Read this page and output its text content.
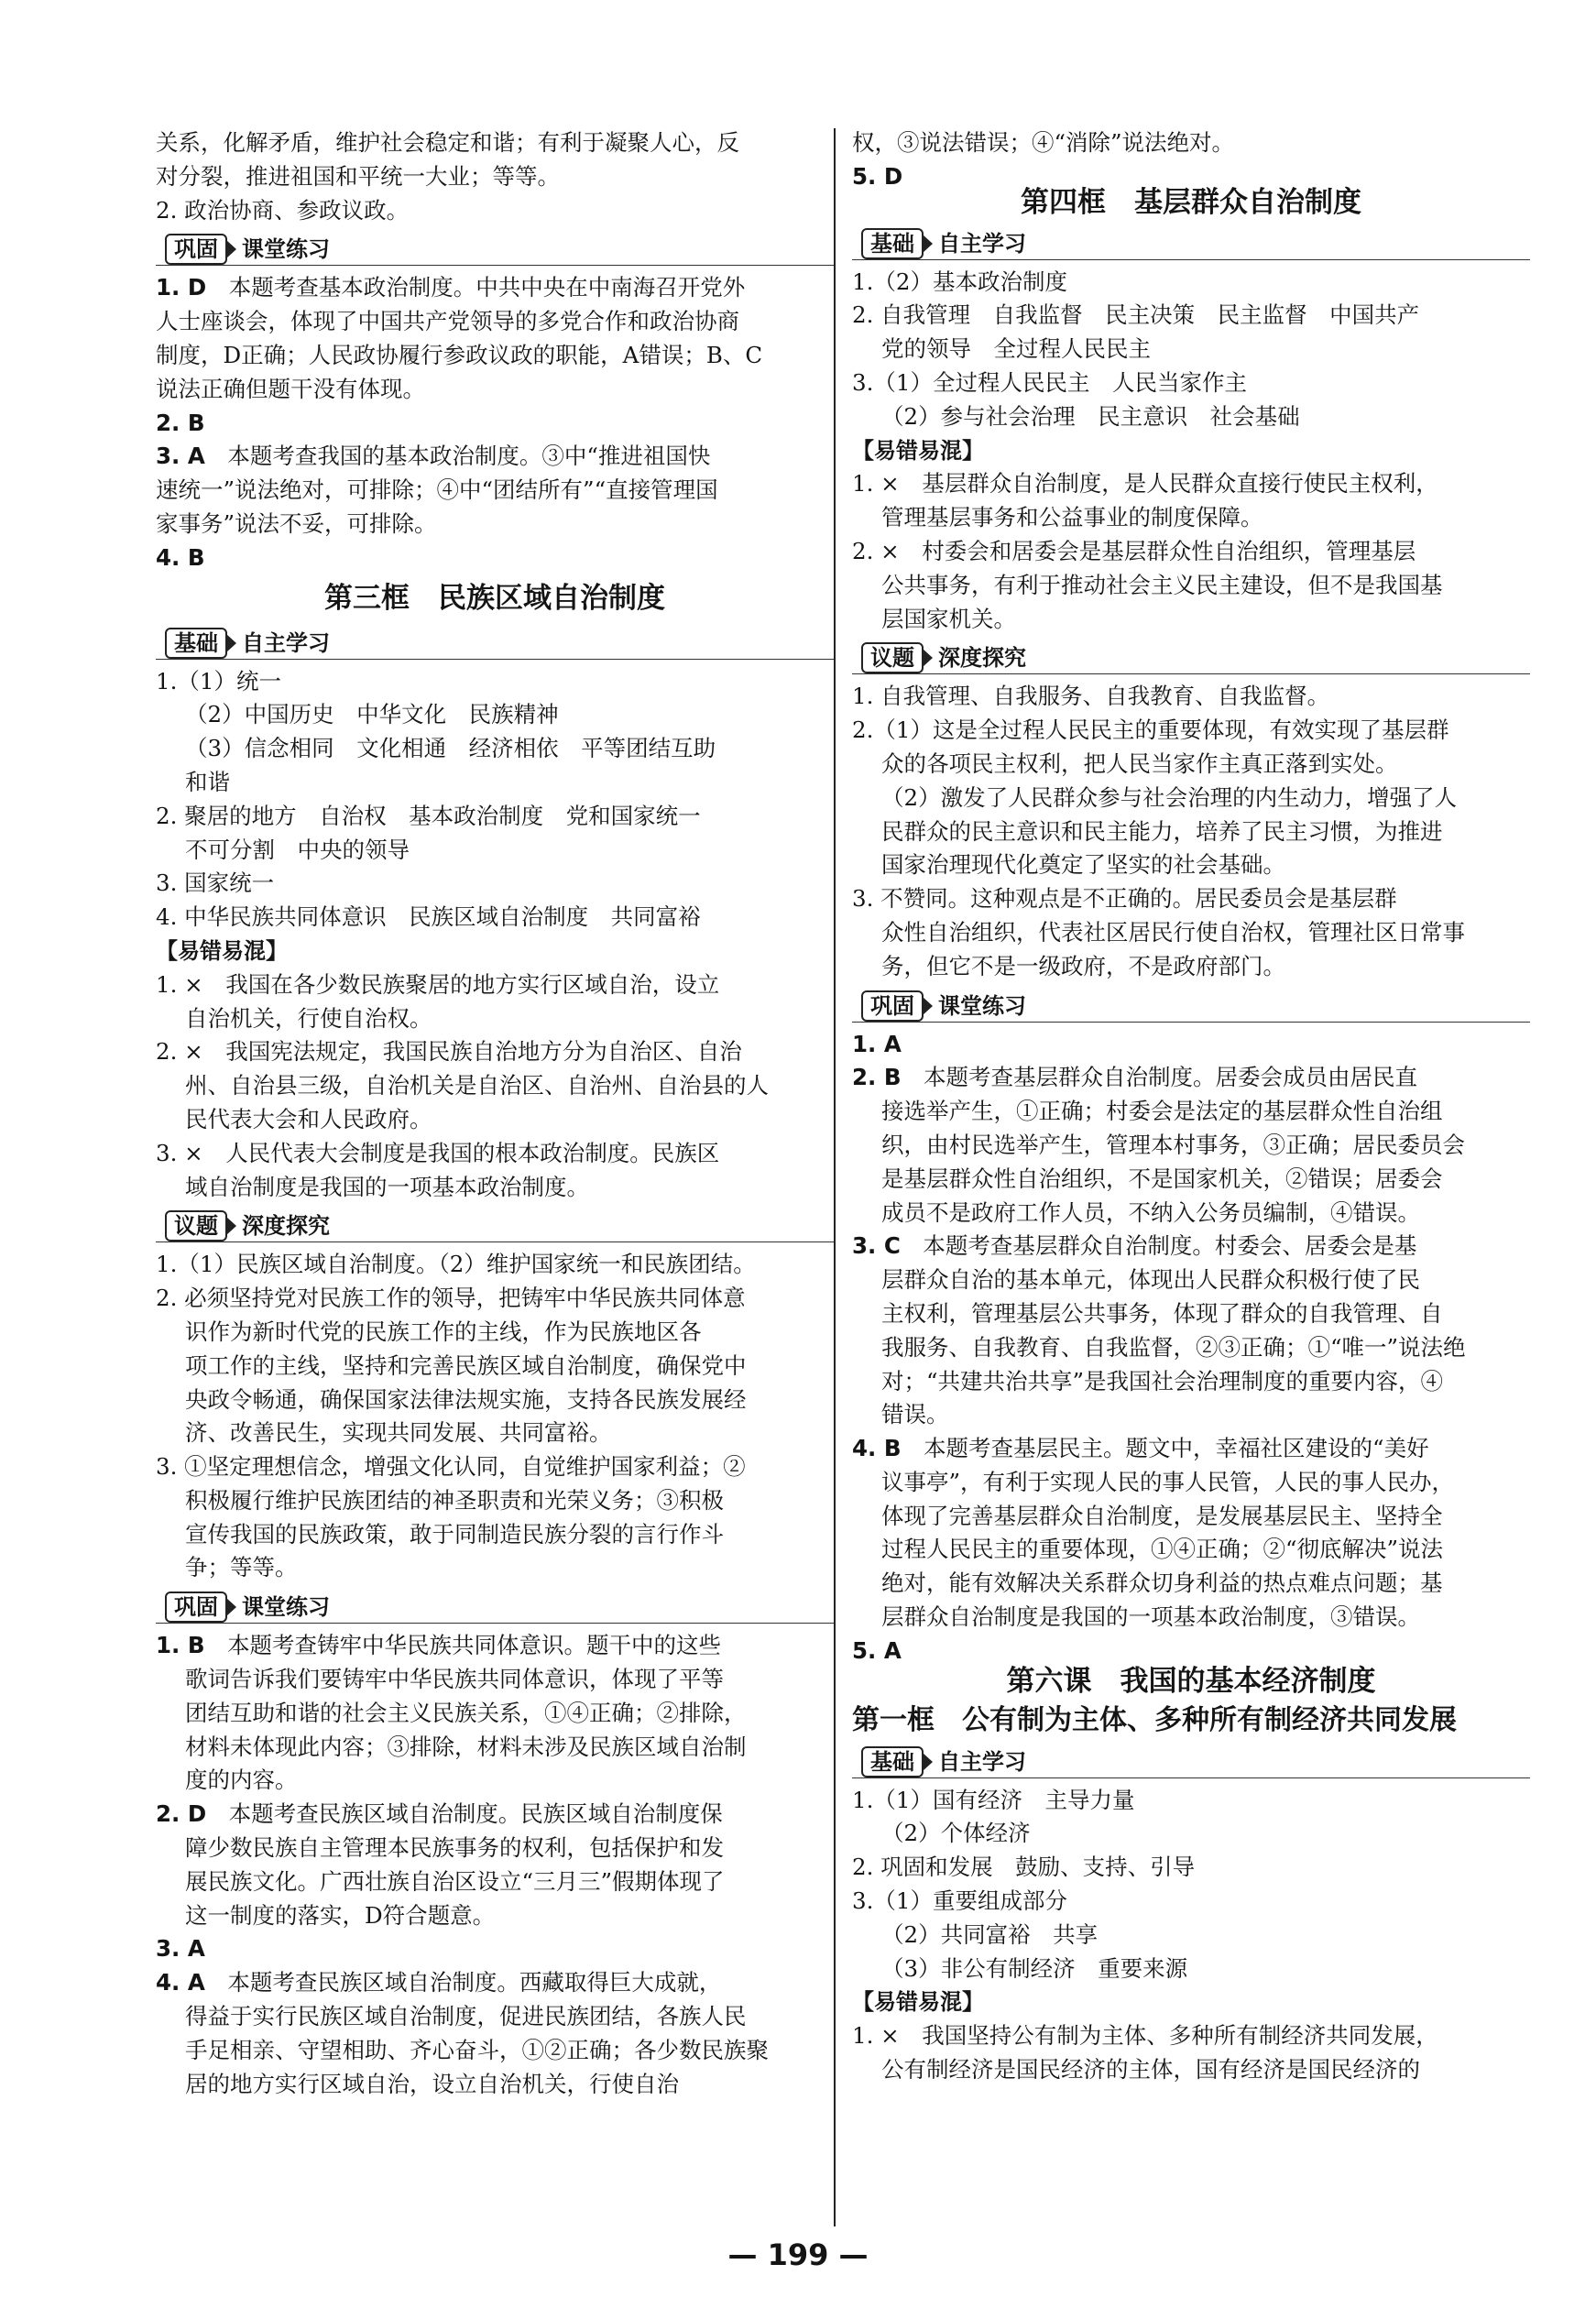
关系，化解矛盾，维护社会稳定和谐；有利于凝聚人心，反
对分裂，推进祖国和平统一大业；等等。
2. 政治协商、参政议政。
巩固	课堂练习
1. D　 本题考查基本政治制度。中共中央在中南海召开党外
人士座谈会，体现了中国共产党领导的多党合作和政治协商
制度，D正确；人民政协履行参政议政的职能，A错误；B、C
说法正确但题干没有体现。
2. B
3. A　 本题考查我国的基本政治制度。③中“推进祖国快
速统一”说法绝对，可排除；④中“团结所有”“直接管理国
家事务”说法不妥，可排除。
4. B
第三框　民族区域自治制度
基础	自主学习
1.（1）统一
（2）中国历史　中华文化　民族精神
（3）信念相同　文化相通　经济相依　平等团结互助
和谐
2. 聚居的地方　自治权　基本政治制度　党和国家统一
不可分割　中央的领导
3. 国家统一
4. 中华民族共同体意识　民族区域自治制度　共同富裕
【易错易混】
1. ×　我国在各少数民族聚居的地方实行区域自治，设立
自治机关，行使自治权。
2. ×　我国宪法规定，我国民族自治地方分为自治区、自治
州、自治县三级，自治机关是自治区、自治州、自治县的人
民代表大会和人民政府。
3. ×　人民代表大会制度是我国的根本政治制度。民族区
域自治制度是我国的一项基本政治制度。
议题	深度探究
1.（1）民族区域自治制度。（2）维护国家统一和民族团结。
2. 必须坚持党对民族工作的领导，把铸牢中华民族共同体意
识作为新时代党的民族工作的主线，作为民族地区各
项工作的主线，坚持和完善民族区域自治制度，确保党中
央政令畅通，确保国家法律法规实施，支持各民族发展经
济、改善民生，实现共同发展、共同富裕。
3. ①坚定理想信念，增强文化认同，自觉维护国家利益；②
积极履行维护民族团结的神圣职责和光荣义务；③积极
宣传我国的民族政策，敢于同制造民族分裂的言行作斗
争；等等。
巩固	课堂练习
1. B　 本题考查铸牢中华民族共同体意识。题干中的这些
歌词告诉我们要铸牢中华民族共同体意识，体现了平等
团结互助和谐的社会主义民族关系，①④正确；②排除，
材料未体现此内容；③排除，材料未涉及民族区域自治制
度的内容。
2. D　 本题考查民族区域自治制度。民族区域自治制度保
障少数民族自主管理本民族事务的权利，包括保护和发
展民族文化。广西壮族自治区设立“三月三”假期体现了
这一制度的落实，D符合题意。
3. A
4. A　 本题考查民族区域自治制度。西藏取得巨大成就，
得益于实行民族区域自治制度，促进民族团结，各族人民
手足相亲、守望相助、齐心奋斗，①②正确；各少数民族聚
居的地方实行区域自治，设立自治机关，行使自治
权，③说法错误；④“消除”说法绝对。
5. D
第四框　基层群众自治制度
基础	自主学习
1.（2）基本政治制度
2. 自我管理　自我监督　民主决策　民主监督　中国共产
党的领导　全过程人民民主
3.（1）全过程人民民主　人民当家作主
（2）参与社会治理　民主意识　社会基础
【易错易混】
1. ×　基层群众自治制度，是人民群众直接行使民主权利，
管理基层事务和公益事业的制度保障。
2. ×　村委会和居委会是基层群众性自治组织，管理基层
公共事务，有利于推动社会主义民主建设，但不是我国基
层国家机关。
议题	深度探究
1. 自我管理、自我服务、自我教育、自我监督。
2.（1）这是全过程人民民主的重要体现，有效实现了基层群
众的各项民主权利，把人民当家作主真正落到实处。
（2）激发了人民群众参与社会治理的内生动力，增强了人
民群众的民主意识和民主能力，培养了民主习惯，为推进
国家治理现代化奠定了坚实的社会基础。
3. 不赞同。这种观点是不正确的。居民委员会是基层群
众性自治组织，代表社区居民行使自治权，管理社区日常事
务，但它不是一级政府，不是政府部门。
巩固	课堂练习
1. A
2. B　 本题考查基层群众自治制度。居委会成员由居民直
接选举产生，①正确；村委会是法定的基层群众性自治组
织，由村民选举产生，管理本村事务，③正确；居民委员会
是基层群众性自治组织，不是国家机关，②错误；居委会
成员不是政府工作人员，不纳入公务员编制，④错误。
3. C　 本题考查基层群众自治制度。村委会、居委会是基
层群众自治的基本单元，体现出人民群众积极行使了民
主权利，管理基层公共事务，体现了群众的自我管理、自
我服务、自我教育、自我监督，②③正确；①“唯一”说法绝
对；“共建共治共享”是我国社会治理制度的重要内容，④
错误。
4. B　 本题考查基层民主。题文中，幸福社区建设的“美好
议事亭”，有利于实现人民的事人民管，人民的事人民办，
体现了完善基层群众自治制度，是发展基层民主、坚持全
过程人民民主的重要体现，①④正确；②“彻底解决”说法
绝对，能有效解决关系群众切身利益的热点难点问题；基
层群众自治制度是我国的一项基本政治制度，③错误。
5. A
第六课　我国的基本经济制度
第一框　公有制为主体、多种所有制经济共同发展
基础	自主学习
1.（1）国有经济　主导力量
（2）个体经济
2. 巩固和发展　鼓励、支持、引导
3.（1）重要组成部分
（2）共同富裕　共享
（3）非公有制经济　重要来源
【易错易混】
1. ×　我国坚持公有制为主体、多种所有制经济共同发展，
公有制经济是国民经济的主体，国有经济是国民经济的
— 199 —
